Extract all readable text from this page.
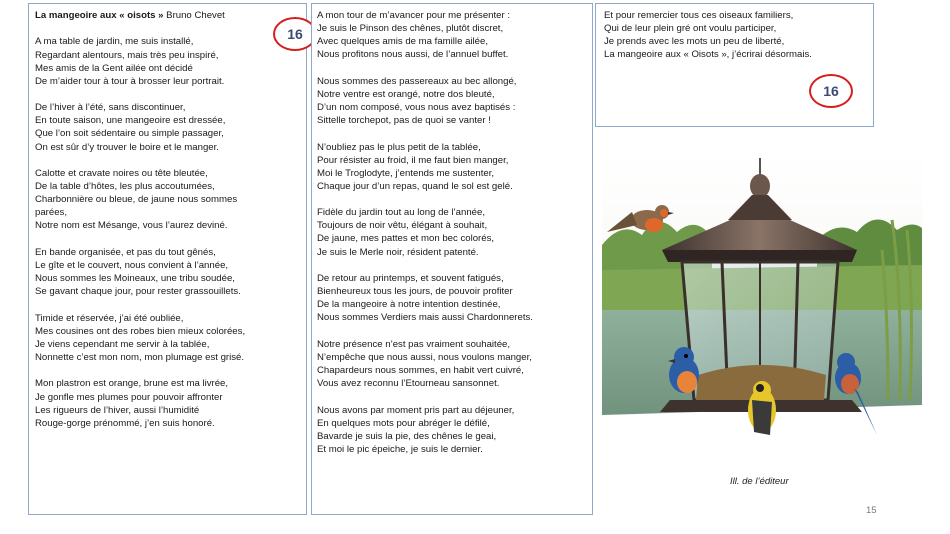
La mangeoire aux « oisots » Bruno Chevet
A ma table de jardin, me suis installé,
Regardant alentours, mais très peu inspiré,
Mes amis de la Gent ailée ont décidé
De m’aider tour à tour à brosser leur portrait.
De l’hiver à l’été, sans discontinuer,
En toute saison, une mangeoire est dressée,
Que l’on soit sédentaire ou simple passager,
On est sûr d’y trouver le boire et le manger.
Calotte et cravate noires ou tête bleutée,
De la table d’hôtes, les plus accoutumées,
Charbonnière ou bleue, de jaune nous sommes
parées,
Notre nom est Mésange, vous l’aurez deviné.
En bande organisée, et pas du tout gênés,
Le gîte et le couvert, nous convient à l’année,
Nous sommes les Moineaux, une tribu soudée,
Se gavant chaque jour, pour rester grassouillets.
Timide et réservée, j’ai été oubliée,
Mes cousines ont des robes bien mieux colorées,
Je viens cependant me servir à la tablée,
Nonnette c’est mon nom, mon plumage est grisé.
Mon plastron est orange, brune est ma livrée,
Je gonfle mes plumes pour pouvoir affronter
Les rigueurs de l’hiver, aussi l’humidité
Rouge-gorge prénommé, j’en suis honoré.
16
A mon tour de m’avancer pour me présenter :
Je suis le Pinson des chênes, plutôt discret,
Avec quelques amis de ma famille ailée,
Nous profitons nous aussi, de l’annuel buffet.
Nous sommes des passereaux au bec allongé,
Notre ventre est orangé, notre dos bleuté,
D’un nom composé, vous nous avez baptisés :
Sittelle torchepot, pas de quoi se vanter !
N’oubliez pas le plus petit de la tablée,
Pour résister au froid, il me faut bien manger,
Moi le Troglodyte, j’entends me sustenter,
Chaque jour d’un repas, quand le sol est gelé.
Fidèle du jardin tout au long de l’année,
Toujours de noir vêtu, élégant à souhait,
De jaune, mes pattes et mon bec colorés,
Je suis le Merle noir, résident patenté.
De retour au printemps, et souvent fatigués,
Bienheureux tous les jours, de pouvoir profiter
De la mangeoire à notre intention destinée,
Nous sommes Verdiers mais aussi Chardonnerets.
Notre présence n’est pas vraiment souhaitée,
N’empêche que nous aussi, nous voulons manger,
Chapardeurs nous sommes, en habit vert cuivré,
Vous avez reconnu l’Etourneau sansonnet.
Nous avons par moment pris part au déjeuner,
En quelques mots pour abréger le défilé,
Bavarde je suis la pie, des chênes le geai,
Et moi le pic épeiche, je suis le dernier.
Et pour remercier tous ces oiseaux familiers,
Qui de leur plein gré ont voulu participer,
Je prends avec les mots un peu de liberté,
La mangeoire aux « Oisots », j’écrirai désormais.
16
Ill. de l’éditeur
15
